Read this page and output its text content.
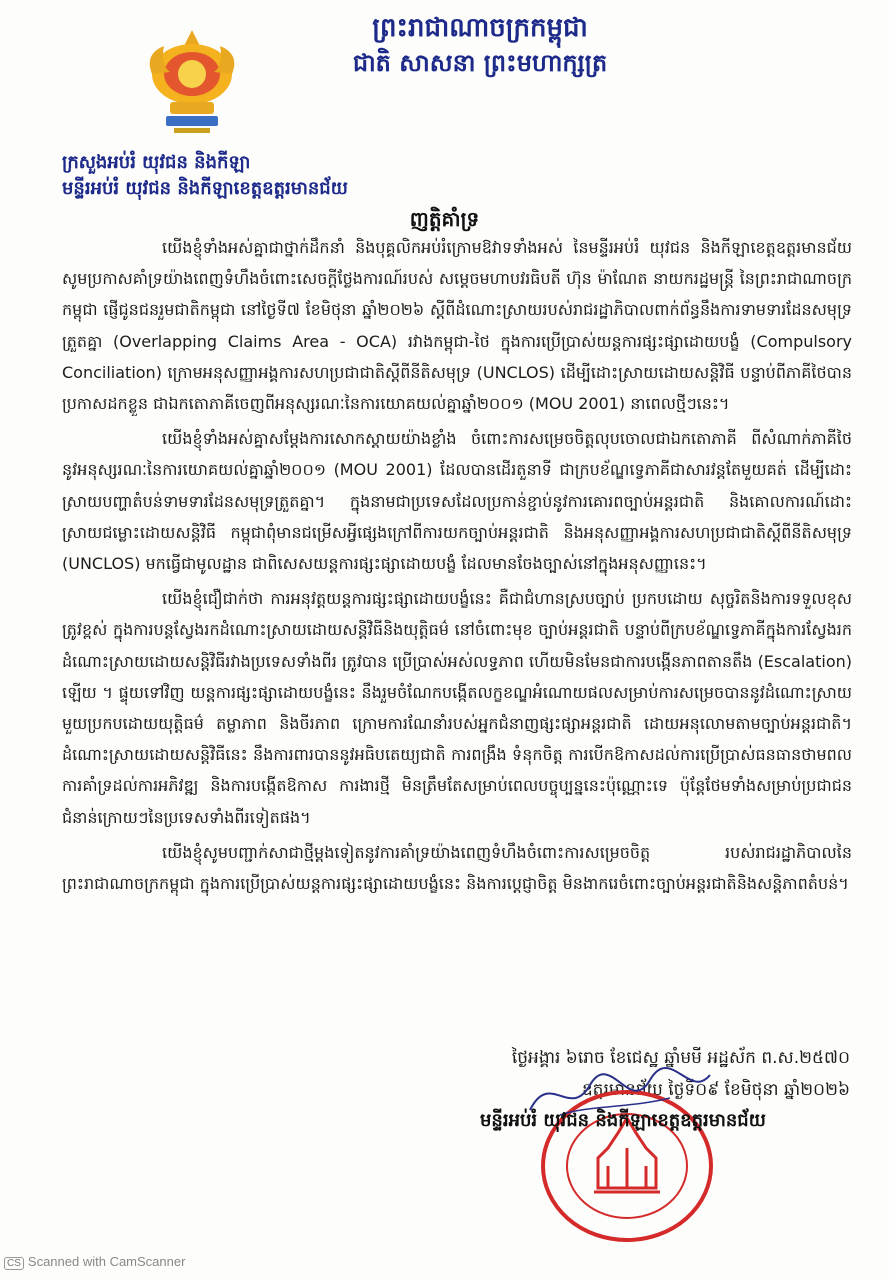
ព្រះរាជាណាចក្រកម្ពុជា
ជាតិ សាសនា ព្រះមហាក្សត្រ
ក្រសួងអប់រំ យុវជន និងកីឡា
មន្ទីរអប់រំ យុវជន និងកីឡាខេត្តឧត្តរមានជ័យ
ញត្តិគាំទ្រ

យើងខ្ញុំទាំងអស់គ្នាជាថ្នាក់ដឹកនាំ និងបុគ្គលិកអប់រំក្រោមឱវាទទាំងអស់ នៃមន្ទីរអប់រំ យុវជន និងកីឡាខេត្តឧត្តរមានជ័យ សូមប្រកាសគាំទ្រយ៉ាងពេញទំហឹងចំពោះសេចក្តីថ្លែងការណ៍របស់ សម្តេចមហាបវរធិបតី ហ៊ុន ម៉ាណែត នាយករដ្ឋមន្ត្រី នៃព្រះរាជាណាចក្រកម្ពុជា ផ្ញើជូនជនរួមជាតិកម្ពុជា នៅថ្ងៃទី៧ ខែមិថុនា ឆ្នាំ២០២៦ ស្តីពីដំណោះស្រាយរបស់រាជរដ្ឋាភិបាលពាក់ព័ន្ធនឹងការទាមទារដែនសមុទ្រត្រួតគ្នា (Overlapping Claims Area - OCA) រវាងកម្ពុជា-ថៃ ក្នុងការប្រើប្រាស់យន្តការផ្សះផ្សាដោយបង្ខំ (Compulsory Conciliation) ក្រោមអនុសញ្ញាអង្គការសហប្រជាជាតិស្តីពីនីតិសមុទ្រ (UNCLOS) ដើម្បីដោះស្រាយដោយសន្តិវិធី បន្ទាប់ពីភាគីថៃបានប្រកាសដកខ្លួន ជាឯកតោភាគីចេញពីអនុស្សរណៈនៃការយោគយល់គ្នាឆ្នាំ២០០១ (MOU 2001) នាពេលថ្មីៗនេះ។

យើងខ្ញុំទាំងអស់គ្នាសម្តែងការសោកស្តាយយ៉ាងខ្លាំង ចំពោះការសម្រេចចិត្តលុបចោលជាឯកតោភាគី ពីសំណាក់ភាគីថៃ នូវអនុស្សរណៈនៃការយោគយល់គ្នាឆ្នាំ២០០១ (MOU 2001) ដែលបានដើរតួនាទី ជាក្របខ័ណ្ឌទ្វេភាគីជាសារវន្តតែមួយគត់ ដើម្បីដោះស្រាយបញ្ហាតំបន់ទាមទារដែនសមុទ្រត្រួតគ្នា។ ក្នុងនាមជាប្រទេសដែលប្រកាន់ខ្ជាប់នូវការគោរពច្បាប់អន្តរជាតិ និងគោលការណ៍ដោះស្រាយជម្លោះដោយសន្តិវិធី កម្ពុជាពុំមានជម្រើសអ្វីផ្សេងក្រៅពីការយកច្បាប់អន្តរជាតិ និងអនុសញ្ញាអង្គការសហប្រជាជាតិស្តីពីនីតិសមុទ្រ (UNCLOS) មកធ្វើជាមូលដ្ឋាន ជាពិសេសយន្តការផ្សះផ្សាដោយបង្ខំ ដែលមានចែងច្បាស់នៅក្នុងអនុសញ្ញានេះ។

យើងខ្ញុំជឿជាក់ថា ការអនុវត្តយន្តការផ្សះផ្សាដោយបង្ខំនេះ គឺជាជំហានស្របច្បាប់ ប្រកបដោយ សុច្ចរិតនិងការទទួលខុសត្រូវខ្ពស់ ក្នុងការបន្តស្វែងរកដំណោះស្រាយដោយសន្តិវិធីនិងយុត្តិធម៌ នៅចំពោះមុខ ច្បាប់អន្តរជាតិ បន្ទាប់ពីក្របខ័ណ្ឌទ្វេភាគីក្នុងការស្វែងរកដំណោះស្រាយដោយសន្តិវិធីរវាងប្រទេសទាំងពីរ ត្រូវបាន ប្រើប្រាស់អស់លទ្ធភាព ហើយមិនមែនជាការបង្កើនភាពតានតឹង (Escalation) ឡើយ ។ ផ្ទុយទៅវិញ យន្តការផ្សះផ្សាដោយបង្ខំនេះ នឹងរួមចំណែកបង្កើតលក្ខខណ្ឌអំណោយផលសម្រាប់ការសម្រេចបាននូវដំណោះស្រាយ មួយប្រកបដោយយុត្តិធម៌ តម្លាភាព និងចីរភាព ក្រោមការណែនាំរបស់អ្នកជំនាញផ្សះផ្សាអន្តរជាតិ ដោយអនុលោមតាមច្បាប់អន្តរជាតិ។ ដំណោះស្រាយដោយសន្តិវិធីនេះ នឹងការពារបាននូវអធិបតេយ្យជាតិ ការពង្រឹង ទំនុកចិត្ត ការបើកឱកាសដល់ការប្រើប្រាស់ធនធានថាមពល ការគាំទ្រដល់ការអភិវឌ្ឍ និងការបង្កើតឱកាស ការងារថ្មី មិនត្រឹមតែសម្រាប់ពេលបច្ចុប្បន្ននេះប៉ុណ្ណោះទេ ប៉ុន្តែថែមទាំងសម្រាប់ប្រជាជនជំនាន់ក្រោយៗនៃប្រទេសទាំងពីរទៀតផង។

យើងខ្ញុំសូមបញ្ជាក់សាជាថ្មីម្តងទៀតនូវការគាំទ្រយ៉ាងពេញទំហឹងចំពោះការសម្រេចចិត្ត របស់រាជរដ្ឋាភិបាលនៃព្រះរាជាណាចក្រកម្ពុជា ក្នុងការប្រើប្រាស់យន្តការផ្សះផ្សាដោយបង្ខំនេះ និងការប្តេជ្ញាចិត្ត មិនងាករេចំពោះច្បាប់អន្តរជាតិនិងសន្តិភាពតំបន់។

ថ្ងៃអង្គារ ៦រោច ខែជេស្ឋ ឆ្នាំមមី អដ្ឋស័ក ព.ស.២៥៧០
ឧត្តរមានជ័យ ថ្ងៃទី០៩ ខែមិថុនា ឆ្នាំ២០២៦
មន្ទីរអប់រំ យុវជន និងកីឡាខេត្តឧត្តរមានជ័យ
CS Scanned with CamScanner
